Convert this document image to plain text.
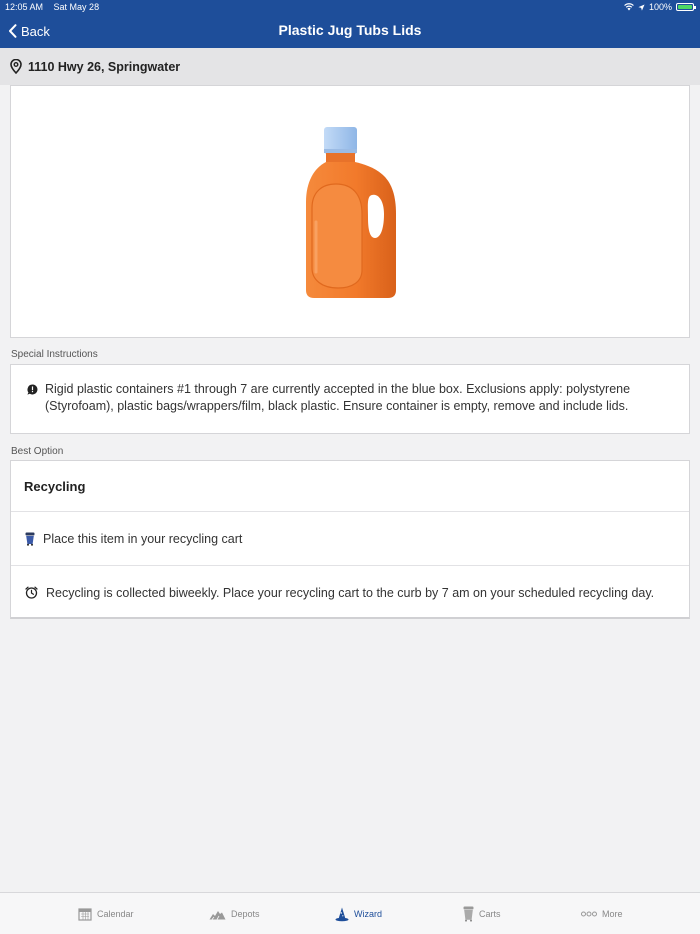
12:05 AM Sat May 28	100%
Back	Plastic Jug Tubs Lids
1110 Hwy 26, Springwater
Special Instructions
Rigid plastic containers #1 through 7 are currently accepted in the blue box. Exclusions apply: polystyrene (Styrofoam), plastic bags/wrappers/film, black plastic. Ensure container is empty, remove and include lids.
Best Option
Recycling
Place this item in your recycling cart
Recycling is collected biweekly. Place your recycling cart to the curb by 7 am on your scheduled recycling day.
Calendar	Depots	Wizard	Carts	More
